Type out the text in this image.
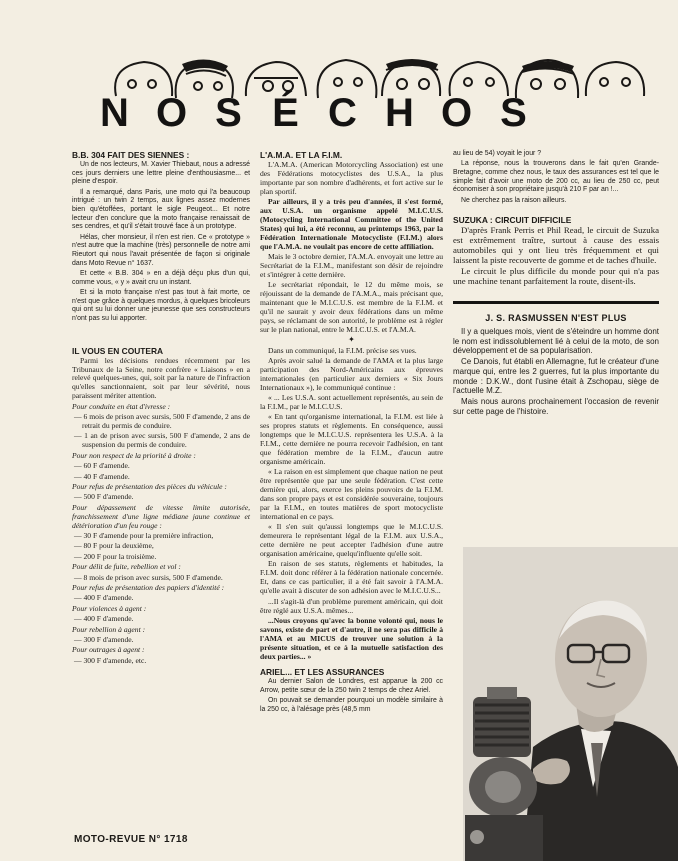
N O S É C H O S
B.B. 304 FAIT DES SIENNES :

Un de nos lecteurs, M. Xavier Thiebaut, nous a adressé ces jours derniers une lettre pleine d'enthousiasme... et pleine d'espoir.

Il a remarqué, dans Paris, une moto qui l'a beaucoup intrigué : un twin 2 temps, aux lignes assez modernes bien qu'étoffées, portant le sigle Peugeot... Et notre lecteur d'en conclure que la moto française renaissait de ses cendres, et qu'il s'était trouvé face à un prototype.

Hélas, cher monsieur, il n'en est rien. Ce « prototype » n'est autre que la machine (très) personnelle de notre ami Rieutort qui nous l'avait présentée de façon si originale dans Moto Revue n° 1637.

Et cette « B.B. 304 » en a déjà déçu plus d'un qui, comme vous, « y » avait cru un instant.

Et si la moto française n'est pas tout à fait morte, ce n'est que grâce à quelques mordus, à quelques bricoleurs qui ont su lui donner une jeunesse que ses constructeurs n'ont pas su lui apporter.

IL VOUS EN COUTERA

Parmi les décisions rendues récemment par les Tribunaux de la Seine, notre confrère « Liaisons » en a relevé quelques-unes, qui, soit par la nature de l'infraction qu'elles sanctionnaient, soit par leur sévérité, nous paraissent mériter attention.

Pour conduite en état d'ivresse :

— 6 mois de prison avec sursis, 500 F d'amende, 2 ans de retrait du permis de conduire.

— 1 an de prison avec sursis, 500 F d'amende, 2 ans de suspension du permis de conduire.

Pour non respect de la priorité à droite :

— 60 F d'amende.

— 40 F d'amende.

Pour refus de présentation des pièces du véhicule :

— 500 F d'amende.

Pour dépassement de vitesse limite autorisée, franchissement d'une ligne médiane jaune continue et détérioration d'un feu rouge :

— 30 F d'amende pour la première infraction,

— 80 F pour la deuxième,

— 200 F pour la troisième.

Pour délit de fuite, rebellion et vol :

— 8 mois de prison avec sursis, 500 F d'amende.

Pour refus de présentation des papiers d'identité :

— 400 F d'amende.

Pour violences à agent :

— 400 F d'amende.

Pour rebellion à agent :

— 300 F d'amende.

Pour outrages à agent :

— 300 F d'amende, etc.

L'A.M.A. ET LA F.I.M.

L'A.M.A. (American Motorcycling Association) est une des Fédérations motocyclistes des U.S.A., la plus importante par son nombre d'adhérents, et fort active sur le plan sportif.

Par ailleurs, il y a très peu d'années, il s'est formé, aux U.S.A. un organisme appelé M.I.C.U.S. (Motocycling International Committee of the United States) qui lui, a été reconnu, au printemps 1963, par la Fédération Internationale Motocycliste (F.I.M.) alors que l'A.M.A. ne voulait pas encore de cette affiliation.

Mais le 3 octobre dernier, l'A.M.A. envoyait une lettre au Secrétariat de la F.I.M., manifestant son désir de rejoindre et s'intégrer à cette dernière.

Le secrétariat répondait, le 12 du même mois, se réjouissant de la demande de l'A.M.A., mais précisant que, maintenant que le M.I.C.U.S. est membre de la F.I.M. et qu'il ne saurait y avoir deux fédérations dans un même pays, se réclamant de son autorité, le problème est à régler sur le plan national, entre le M.I.C.U.S. et l'A.M.A.

✦

Dans un communiqué, la F.I.M. précise ses vues.

Après avoir salué la demande de l'AMA et la plus large participation des Nord-Américains aux épreuves internationales (en particulier aux derniers « Six Jours Internationaux »), le communiqué continue :

« ... Les U.S.A. sont actuellement représentés, au sein de la F.I.M., par le M.I.C.U.S.

« En tant qu'organisme international, la F.I.M. est liée à ses propres statuts et règlements. En conséquence, aussi longtemps que le M.I.C.U.S. représentera les U.S.A. à la F.I.M., cette dernière ne pourra recevoir l'adhésion, en tant que fédération membre de la F.I.M., d'aucun autre organisme américain.

« La raison en est simplement que chaque nation ne peut être représentée que par une seule fédération. C'est cette dernière qui, alors, exerce les pleins pouvoirs de la F.I.M. dans son propre pays et est considérée souveraine, toujours par la F.I.M., en toutes matières de sport motocycliste international en ce pays.

« Il s'en suit qu'aussi longtemps que le M.I.C.U.S. demeurera le représentant légal de la F.I.M. aux U.S.A., cette dernière ne peut accepter l'adhésion d'une autre organisation américaine, quelqu'influente qu'elle soit.

En raison de ses statuts, règlements et habitudes, la F.I.M. doit donc référer à la fédération nationale concernée. Et, dans ce cas particulier, il a été fait savoir à l'A.M.A. qu'elle avait à discuter de son adhésion avec le M.I.C.U.S...

...Il s'agit-là d'un problème purement américain, qui doit être réglé aux U.S.A. mêmes...

...Nous croyons qu'avec la bonne volonté qui, nous le savons, existe de part et d'autre, il ne sera pas difficile à l'AMA et au MICUS de trouver une solution à la présente situation, et ce à la mutuelle satisfaction des deux parties... »

ARIEL... ET LES ASSURANCES

Au dernier Salon de Londres, est apparue la 200 cc Arrow, petite sœur de la 250 twin 2 temps de chez Ariel.

On pouvait se demander pourquoi un modèle similaire à la 250 cc, à l'alésage près (48,5 mm

au lieu de 54) voyait le jour ?

La réponse, nous la trouverons dans le fait qu'en Grande-Bretagne, comme chez nous, le taux des assurances est tel que le simple fait d'avoir une moto de 200 cc, au lieu de 250 cc, peut économiser à son propriétaire jusqu'à 210 F par an !...

Ne cherchez pas la raison ailleurs.

SUZUKA : CIRCUIT DIFFICILE

D'après Frank Perris et Phil Read, le circuit de Suzuka est extrêmement traître, surtout à cause des essais automobiles qui y ont lieu très fréquemment et qui laissent la piste recouverte de gomme et de taches d'huile.

Le circuit le plus difficile du monde pour qui n'a pas une machine tenant parfaitement la route, disent-ils.

J. S. RASMUSSEN N'EST PLUS

Il y a quelques mois, vient de s'éteindre un homme dont le nom est indissolublement lié à celui de la moto, de son développement et de sa popularisation.

Ce Danois, fut établi en Allemagne, fut le créateur d'une marque qui, entre les 2 guerres, fut la plus importante du monde : D.K.W., dont l'usine était à Zschopau, siège de l'actuelle M.Z.

Mais nous aurons prochainement l'occasion de revenir sur cette page de l'histoire.

MOTO-REVUE N° 1718
